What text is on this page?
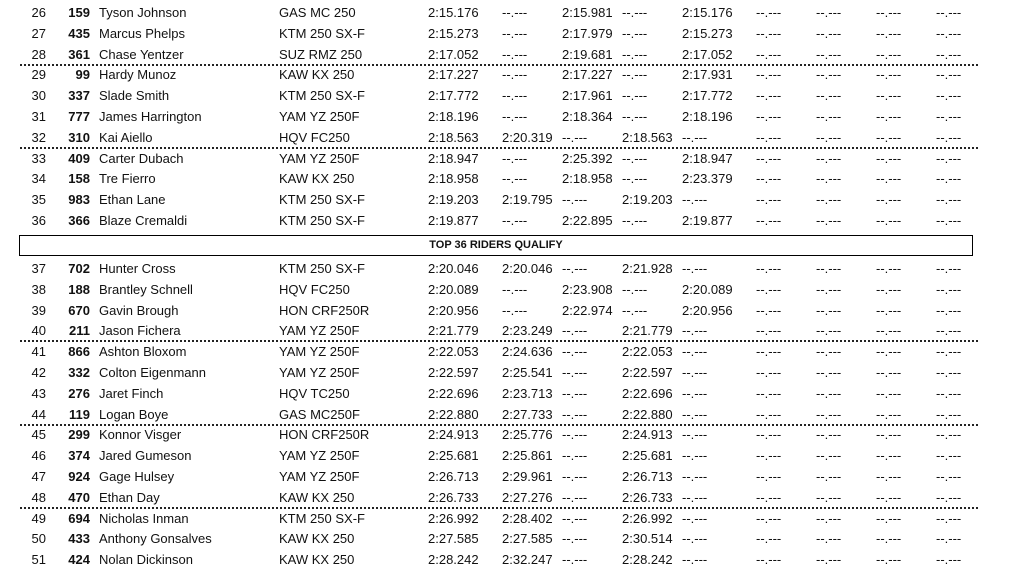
26	159 Tyson Johnson	GAS MC 250	2:15.176 --.---	2:15.981 --.---	2:15.176 --.---	--.---	--.---	--.---
27	435 Marcus Phelps	KTM 250 SX-F	2:15.273 --.---	2:17.979 --.---	2:15.273 --.---	--.---	--.---	--.---
28	361 Chase Yentzer	SUZ RMZ 250	2:17.052 --.---	2:19.681 --.---	2:17.052 --.---	--.---	--.---	--.---
29	99 Hardy Munoz	KAW KX 250	2:17.227 --.---	2:17.227 --.---	2:17.931 --.---	--.---	--.---	--.---
30	337 Slade Smith	KTM 250 SX-F	2:17.772 --.---	2:17.961 --.---	2:17.772 --.---	--.---	--.---	--.---
31	777 James Harrington	YAM YZ 250F	2:18.196 --.---	2:18.364 --.---	2:18.196 --.---	--.---	--.---	--.---
32	310 Kai Aiello	HQV FC250	2:18.563 2:20.319 --.---	2:18.563 --.---	--.---	--.---	--.---	--.---
33	409 Carter Dubach	YAM YZ 250F	2:18.947 --.---	2:25.392 --.---	2:18.947 --.---	--.---	--.---	--.---
34	158 Tre Fierro	KAW KX 250	2:18.958 --.---	2:18.958 --.---	2:23.379 --.---	--.---	--.---	--.---
35	983 Ethan Lane	KTM 250 SX-F	2:19.203 2:19.795 --.---	2:19.203 --.---	--.---	--.---	--.---	--.---
36	366 Blaze Cremaldi	KTM 250 SX-F	2:19.877 --.---	2:22.895 --.---	2:19.877 --.---	--.---	--.---	--.---
TOP 36 RIDERS QUALIFY
37	702 Hunter Cross	KTM 250 SX-F	2:20.046 2:20.046 --.---	2:21.928 --.---	--.---	--.---	--.---	--.---
38	188 Brantley Schnell	HQV FC250	2:20.089 --.---	2:23.908 --.---	2:20.089 --.---	--.---	--.---	--.---
39	670 Gavin Brough	HON CRF250R	2:20.956 --.---	2:22.974 --.---	2:20.956 --.---	--.---	--.---	--.---
40	211 Jason Fichera	YAM YZ 250F	2:21.779 2:23.249 --.---	2:21.779 --.---	--.---	--.---	--.---	--.---
41	866 Ashton Bloxom	YAM YZ 250F	2:22.053 2:24.636 --.---	2:22.053 --.---	--.---	--.---	--.---	--.---
42	332 Colton Eigenmann	YAM YZ 250F	2:22.597 2:25.541 --.---	2:22.597 --.---	--.---	--.---	--.---	--.---
43	276 Jaret Finch	HQV TC250	2:22.696 2:23.713 --.---	2:22.696 --.---	--.---	--.---	--.---	--.---
44	119 Logan Boye	GAS MC250F	2:22.880 2:27.733 --.---	2:22.880 --.---	--.---	--.---	--.---	--.---
45	299 Konnor Visger	HON CRF250R	2:24.913 2:25.776 --.---	2:24.913 --.---	--.---	--.---	--.---	--.---
46	374 Jared Gumeson	YAM YZ 250F	2:25.681 2:25.861 --.---	2:25.681 --.---	--.---	--.---	--.---	--.---
47	924 Gage Hulsey	YAM YZ 250F	2:26.713 2:29.961 --.---	2:26.713 --.---	--.---	--.---	--.---	--.---
48	470 Ethan Day	KAW KX 250	2:26.733 2:27.276 --.---	2:26.733 --.---	--.---	--.---	--.---	--.---
49	694 Nicholas Inman	KTM 250 SX-F	2:26.992 2:28.402 --.---	2:26.992 --.---	--.---	--.---	--.---	--.---
50	433 Anthony Gonsalves	KAW KX 250	2:27.585 2:27.585 --.---	2:30.514 --.---	--.---	--.---	--.---	--.---
51	424 Nolan Dickinson	KAW KX 250	2:28.242 2:32.247 --.---	2:28.242 --.---	--.---	--.---	--.---	--.---
